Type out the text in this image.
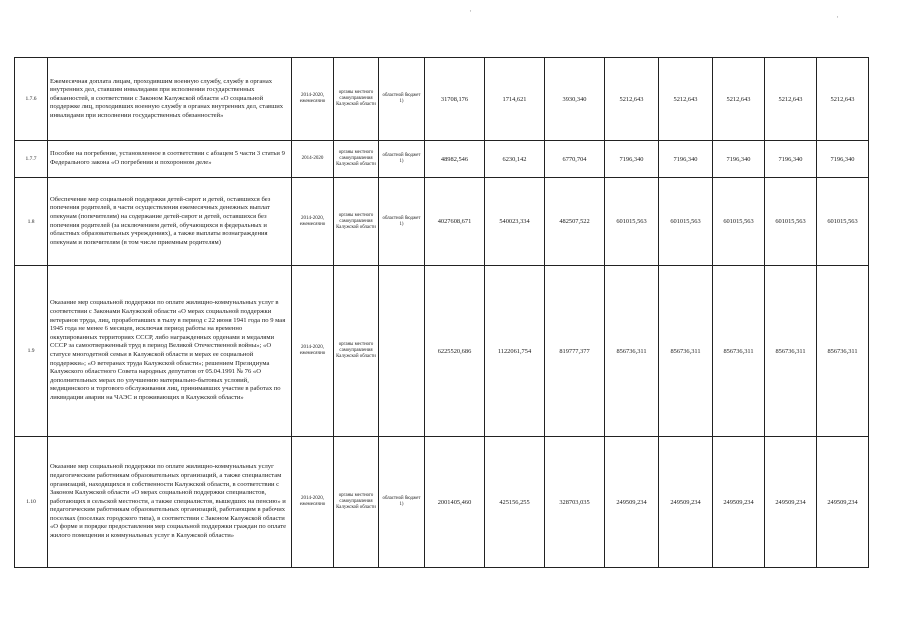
·
·
1.7.6	Ежемесячная доплата лицам, проходившим военную службу, службу в органах внутренних дел, ставшим инвалидами при исполнении государственных обязанностей, в соответствии с Законом Калужской области «О социальной поддержке лиц, проходивших военную службу в органах внутренних дел, ставших инвалидами при исполнении государственных обязанностей»	2014-2020, ежемесячно	органы местного самоуправления Калужской области	областной бюджет 1)	31708,176	1714,621	3930,340	5212,643	5212,643	5212,643	5212,643	5212,643
1.7.7	Пособие на погребение, установленное в соответствии с абзацем 5 части 3 статьи 9 Федерального закона «О погребении и похоронном деле»	2014-2020	органы местного самоуправления Калужской области	областной бюджет 1)	48982,546	6230,142	6770,704	7196,340	7196,340	7196,340	7196,340	7196,340
1.8	Обеспечение мер социальной поддержки детей-сирот и детей, оставшихся без попечения родителей, в части осуществления ежемесячных денежных выплат опекунам (попечителям) на содержание детей-сирот и детей, оставшихся без попечения родителей (за исключением детей, обучающихся в федеральных и областных образовательных учреждениях), а также выплаты вознаграждения опекунам и попечителям (в том числе приемным родителям)	2014-2020, ежемесячно	органы местного самоуправления Калужской области	областной бюджет 1)	4027608,671	540023,334	482507,522	601015,563	601015,563	601015,563	601015,563	601015,563
1.9	Оказание мер социальной поддержки по оплате жилищно-коммунальных услуг в соответствии с Законами Калужской области «О мерах социальной поддержки ветеранов труда, лиц, проработавших в тылу в период с 22 июня 1941 года по 9 мая 1945 года не менее 6 месяцев, исключая период работы на временно оккупированных территориях СССР, либо награжденных орденами и медалями СССР за самоотверженный труд в период Великой Отечественной войны»; «О статусе многодетной семьи в Калужской области и мерах ее социальной поддержки»; «О ветеранах труда Калужской области»; решением Президиума Калужского областного Совета народных депутатов от 05.04.1991 № 76 «О дополнительных мерах по улучшению материально-бытовых условий, медицинского и торгового обслуживания лиц, принимавших участие в работах по ликвидации аварии на ЧАЭС и проживающих в Калужской области»	2014-2020, ежемесячно	органы местного самоуправления Калужской области		6225520,686	1122061,754	819777,377	856736,311	856736,311	856736,311	856736,311	856736,311
1.10	Оказание мер социальной поддержки по оплате жилищно-коммунальных услуг педагогическим работникам образовательных организаций, а также специалистам организаций, находящихся в собственности Калужской области, в соответствии с Законом Калужской области «О мерах социальной поддержки специалистов, работающих в сельской местности, а также специалистов, вышедших на пенсию» и педагогическим работникам образовательных организаций, работающим в рабочих поселках (поселках городского типа), в соответствии с Законом Калужской области «О форме и порядке предоставления мер социальной поддержки граждан по оплате жилого помещения и коммунальных услуг в Калужской области»	2014-2020, ежемесячно	органы местного самоуправления Калужской области	областной бюджет 1)	2001405,460	425156,255	328703,035	249509,234	249509,234	249509,234	249509,234	249509,234
